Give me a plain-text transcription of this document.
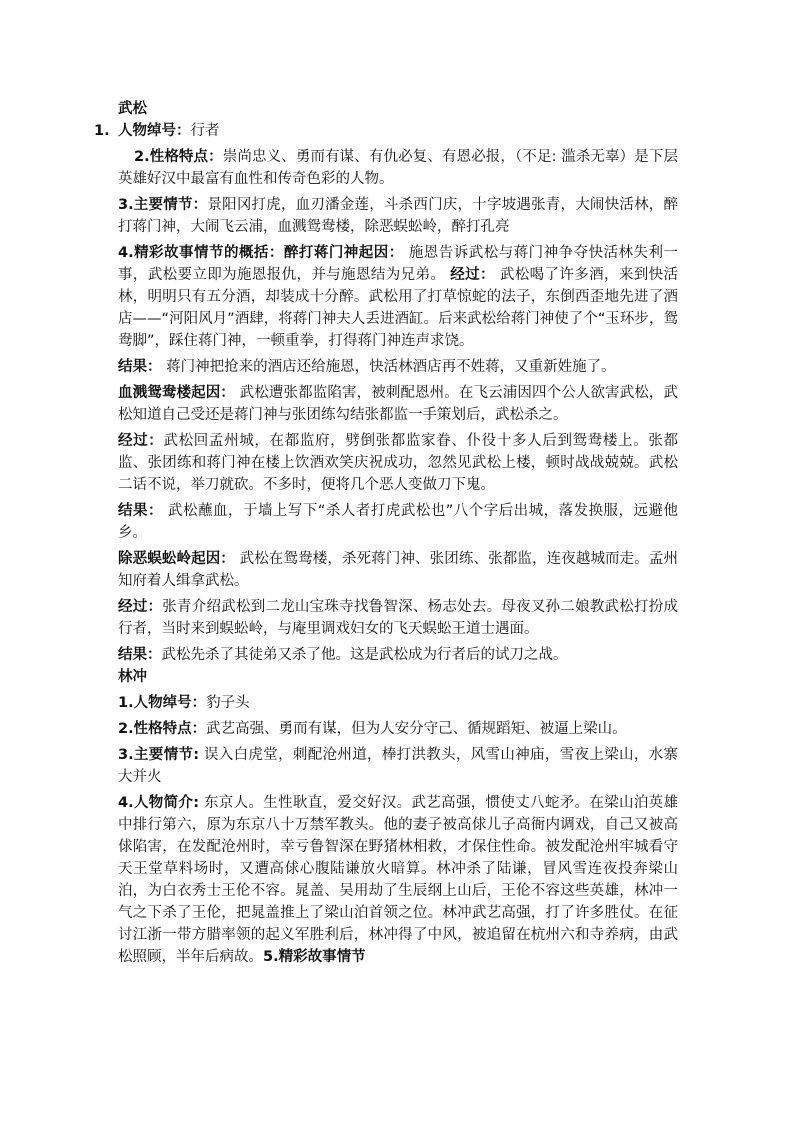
武松

1. 人物绰号：行者

2.性格特点：崇尚忠义、勇而有谋、有仇必复、有恩必报，（不足: 滥杀无辜）是下层英雄好汉中最富有血性和传奇色彩的人物。

3.主要情节：景阳冈打虎，血刃潘金莲，斗杀西门庆，十字坡遇张青，大闹快活林，醉打蒋门神，大闹飞云浦，血溅鸳鸯楼，除恶蜈蚣岭，醉打孔亮

4.精彩故事情节的概括：醉打蒋门神起因： 施恩告诉武松与蒋门神争夺快活林失利一事，武松要立即为施恩报仇，并与施恩结为兄弟。 经过： 武松喝了许多酒，来到快活林，明明只有五分酒，却装成十分醉。武松用了打草惊蛇的法子，东倒西歪地先进了酒店——“河阳风月”酒肆，将蒋门神夫人丢进酒缸。后来武松给蒋门神使了个“玉环步，鸳鸯脚”，踩住蒋门神，一顿重拳，打得蒋门神连声求饶。

结果： 蒋门神把抢来的酒店还给施恩，快活林酒店再不姓蒋，又重新姓施了。

血溅鸳鸯楼起因： 武松遭张都监陷害，被刺配恩州。在飞云浦因四个公人欲害武松，武松知道自己受还是蒋门神与张团练勾结张都监一手策划后，武松杀之。

经过：武松回孟州城，在都监府，劈倒张都监家眷、仆役十多人后到鸳鸯楼上。张都监、张团练和蒋门神在楼上饮酒欢笑庆祝成功，忽然见武松上楼，顿时战战兢兢。武松二话不说，举刀就砍。不多时，便将几个恶人变做刀下鬼。

结果： 武松蘸血，于墙上写下“杀人者打虎武松也”八个字后出城，落发换服，远避他乡。

除恶蜈蚣岭起因： 武松在鸳鸯楼，杀死蒋门神、张团练、张都监，连夜越城而走。孟州知府着人缉拿武松。

经过：张青介绍武松到二龙山宝珠寺找鲁智深、杨志处去。母夜叉孙二娘教武松打扮成行者，当时来到蜈蚣岭，与庵里调戏妇女的飞天蜈蚣王道士遇面。

结果：武松先杀了其徒弟又杀了他。这是武松成为行者后的试刀之战。

林冲

1.人物绰号：豹子头

2.性格特点：武艺高强、勇而有谋，但为人安分守己、循规蹈矩、被逼上梁山。

3.主要情节: 误入白虎堂，刺配沧州道，棒打洪教头，风雪山神庙，雪夜上梁山，水寨大并火

4.人物简介: 东京人。生性耿直，爱交好汉。武艺高强，惯使丈八蛇矛。在梁山泊英雄中排行第六，原为东京八十万禁军教头。他的妻子被高俅儿子高衙内调戏，自己又被高俅陷害，在发配沧州时，幸亏鲁智深在野猪林相救，才保住性命。被发配沧州牢城看守天王堂草料场时，又遭高俅心腹陆谦放火暗算。林冲杀了陆谦，冒风雪连夜投奔梁山泊，为白衣秀士王伦不容。晁盖、吴用劫了生辰纲上山后，王伦不容这些英雄，林冲一气之下杀了王伦，把晁盖推上了梁山泊首领之位。林冲武艺高强，打了许多胜仗。在征讨江浙一带方腊率领的起义军胜利后，林冲得了中风，被追留在杭州六和寺养病，由武松照顾，半年后病故。5.精彩故事情节
